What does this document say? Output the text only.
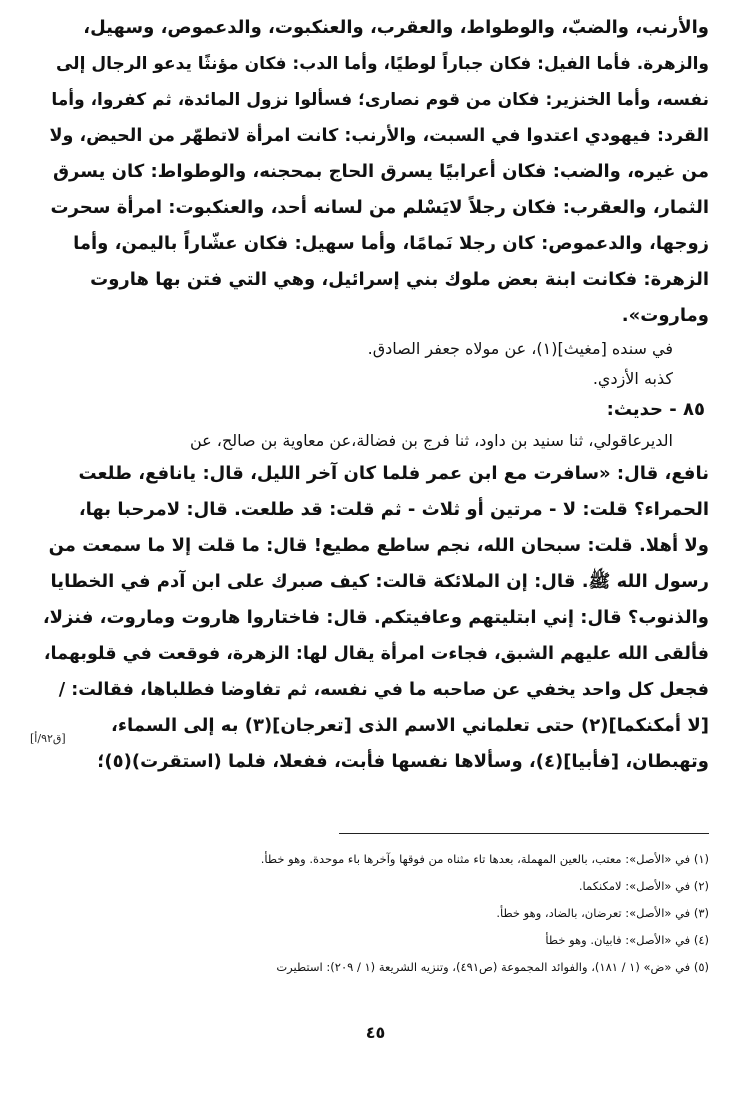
والأرنب، والضبّ، والوطواط، والعقرب، والعنكبوت، والدعموص، وسهيل،
والزهرة. فأما الفيل: فكان جباراً لوطيًا، وأما الدب: فكان مؤنثًا يدعو الرجال إلى
نفسه، وأما الخنزير: فكان من قوم نصارى؛ فسألوا نزول المائدة، ثم كفروا، وأما
القرد: فيهودي اعتدوا في السبت، والأرنب: كانت امرأة لاتطهّر من الحيض، ولا
من غيره، والضب: فكان أعرابيًا يسرق الحاج بمحجنه، والوطواط: كان يسرق
الثمار، والعقرب: فكان رجلاً لايَسْلم من لسانه أحد، والعنكبوت: امرأة سحرت
زوجها، والدعموص: كان رجلا نَمامًا، وأما سهيل: فكان عشّاراً باليمن، وأما
الزهرة: فكانت ابنة بعض ملوك بني إسرائيل، وهي التي فتن بها هاروت
وماروت».

في سنده [مغيث](١)، عن مولاه جعفر الصادق.

كذبه الأزدي.

٨٥ - حديث:

الديرعاقولي، ثنا سنيد بن داود، ثنا فرج بن فضالة،عن معاوية بن صالح، عن
نافع، قال: «سافرت مع ابن عمر فلما كان آخر الليل، قال: يانافع، طلعت
الحمراء؟ قلت: لا - مرتين أو ثلاث - ثم قلت: قد طلعت. قال: لامرحبا بها،
ولا أهلا. قلت: سبحان الله، نجم ساطع مطيع! قال: ما قلت إلا ما سمعت من
رسول الله ﷺ. قال: إن الملائكة قالت: كيف صبرك على ابن آدم في الخطايا
والذنوب؟ قال: إني ابتليتهم وعافيتكم. قال: فاختاروا هاروت وماروت، فنزلا،
فألقى الله عليهم الشبق، فجاءت امرأة يقال لها: الزهرة، فوقعت في قلوبهما،
فجعل كل واحد يخفي عن صاحبه ما في نفسه، ثم تفاوضا فطلباها، فقالت: /
[لا أمكنكما](٢) حتى تعلماني الاسم الذى [تعرجان](٣) به إلى السماء،
وتهبطان، [فأبيا](٤)، وسألاها نفسها فأبت، ففعلا، فلما (استقرت)(٥)؛

[ق٩٢/أ]
(١) في «الأصل»: معتب، بالعين المهملة، بعدها تاء مثناه من فوقها وآخرها باء موحدة. وهو خطأ.
(٢) في «الأصل»: لامكنكما.
(٣) في «الأصل»: تعرضان، بالضاد، وهو خطأ.
(٤) في «الأصل»: فابيان. وهو خطأ
(٥) في «ض» (١ / ١٨١)، والفوائد المجموعة (ص٤٩١)، وتنزيه الشريعة (١ / ٢٠٩): استطيرت
٤٥
